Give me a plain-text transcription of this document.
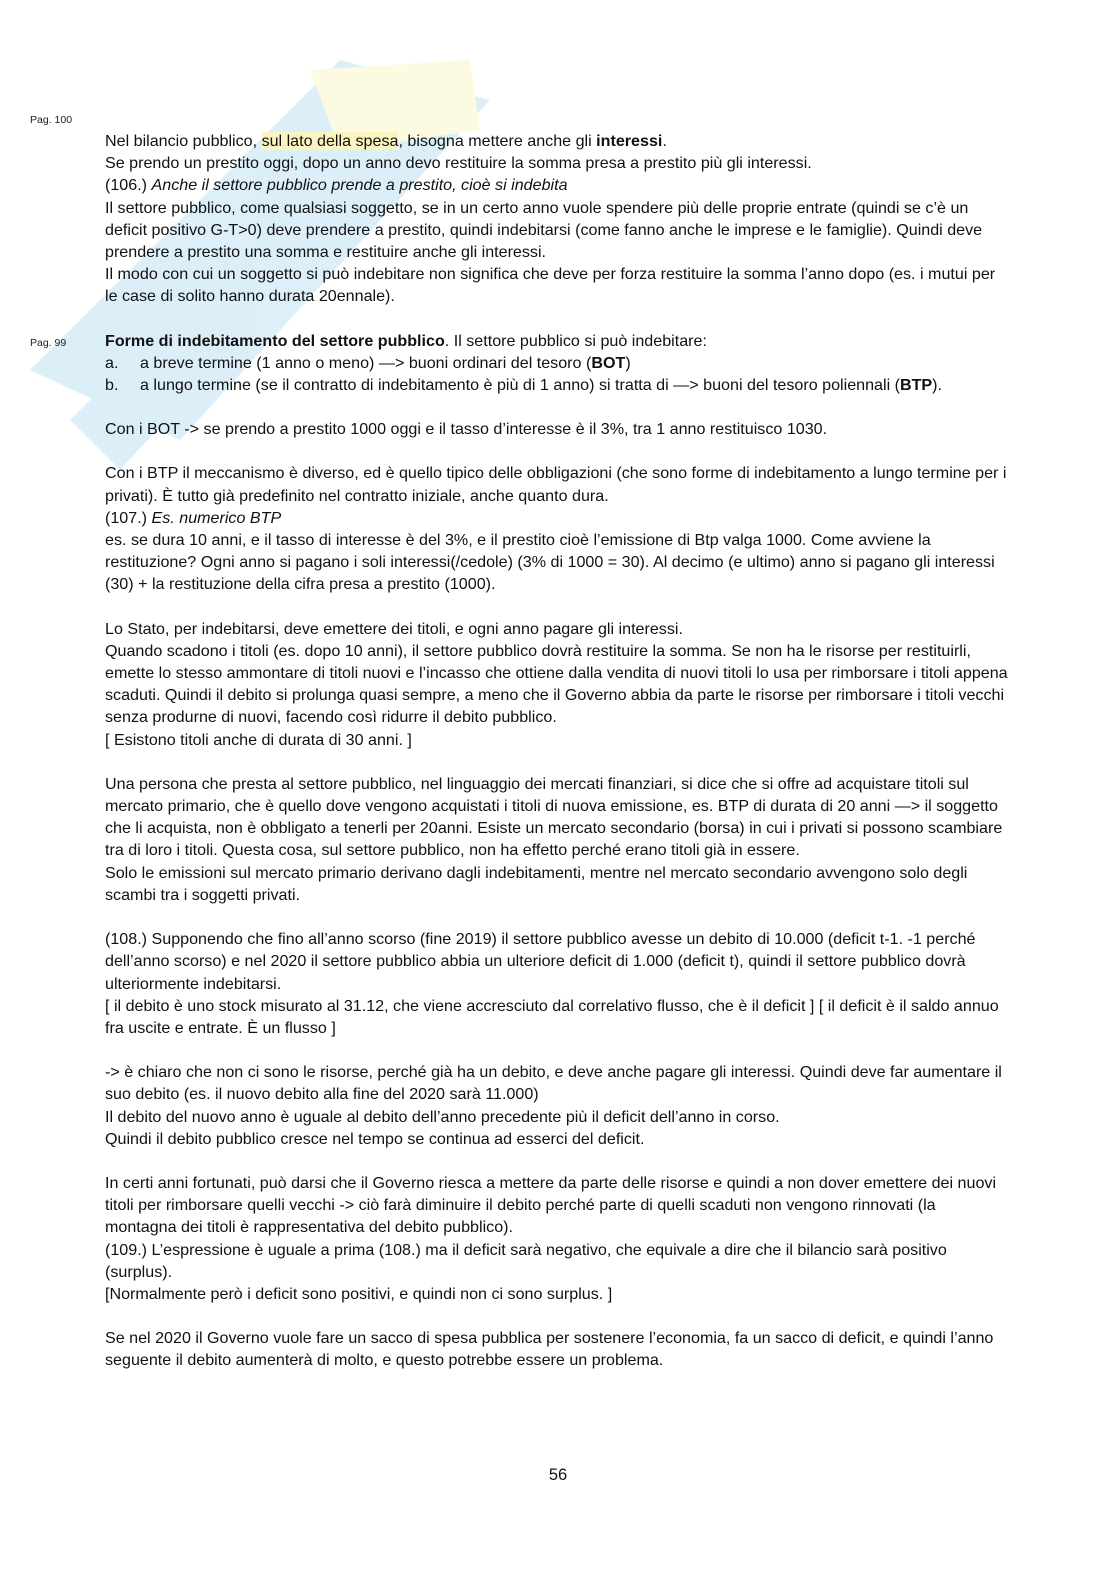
Pag. 100
Pag. 99

Nel bilancio pubblico, sul lato della spesa, bisogna mettere anche gli interessi.

Se prendo un prestito oggi, dopo un anno devo restituire la somma presa a prestito più gli interessi.

(106.) Anche il settore pubblico prende a prestito, cioè si indebita

Il settore pubblico, come qualsiasi soggetto, se in un certo anno vuole spendere più delle proprie entrate (quindi se c’è un deficit positivo G-T>0) deve prendere a prestito, quindi indebitarsi (come fanno anche le imprese e le famiglie). Quindi deve prendere a prestito una somma e restituire anche gli interessi.

Il modo con cui un soggetto si può indebitare non significa che deve per forza restituire la somma l’anno dopo (es. i mutui per le case di solito hanno durata 20ennale).

Forme di indebitamento del settore pubblico. Il settore pubblico si può indebitare:

a.	a breve termine (1 anno o meno) —> buoni ordinari del tesoro (BOT)
b.	a lungo termine (se il contratto di indebitamento è più di 1 anno) si tratta di —> buoni del tesoro poliennali (BTP).

Con i BOT -> se prendo a prestito 1000 oggi e il tasso d’interesse è il 3%, tra 1 anno restituisco 1030.

Con i BTP il meccanismo è diverso, ed è quello tipico delle obbligazioni (che sono forme di indebitamento a lungo termine per i privati). È tutto già predefinito nel contratto iniziale, anche quanto dura.

(107.) Es. numerico BTP

es. se dura 10 anni, e il tasso di interesse è del 3%, e il prestito cioè l’emissione di Btp valga 1000. Come avviene la restituzione? Ogni anno si pagano i soli interessi(/cedole) (3% di 1000 = 30). Al decimo (e ultimo) anno si pagano gli interessi (30) + la restituzione della cifra presa a prestito (1000).

Lo Stato, per indebitarsi, deve emettere dei titoli, e ogni anno pagare gli interessi.

Quando scadono i titoli (es. dopo 10 anni), il settore pubblico dovrà restituire la somma. Se non ha le risorse per restituirli, emette lo stesso ammontare di titoli nuovi e l’incasso che ottiene dalla vendita di nuovi titoli lo usa per rimborsare i titoli appena scaduti. Quindi il debito si prolunga quasi sempre, a meno che il Governo abbia da parte le risorse per rimborsare i titoli vecchi senza produrne di nuovi, facendo così ridurre il debito pubblico.

[ Esistono titoli anche di durata di 30 anni. ]

Una persona che presta al settore pubblico, nel linguaggio dei mercati finanziari, si dice che si offre ad acquistare titoli sul mercato primario, che è quello dove vengono acquistati i titoli di nuova emissione, es. BTP di durata di 20 anni —> il soggetto che li acquista, non è obbligato a tenerli per 20anni. Esiste un mercato secondario (borsa) in cui i privati si possono scambiare tra di loro i titoli. Questa cosa, sul settore pubblico, non ha effetto perché erano titoli già in essere.

Solo le emissioni sul mercato primario derivano dagli indebitamenti, mentre nel mercato secondario avvengono solo degli scambi tra i soggetti privati.

(108.) Supponendo che fino all’anno scorso (fine 2019) il settore pubblico avesse un debito di 10.000 (deficit t-1. -1 perché dell’anno scorso) e nel 2020 il settore pubblico abbia un ulteriore deficit di 1.000 (deficit t), quindi il settore pubblico dovrà ulteriormente indebitarsi.

[ il debito è uno stock misurato al 31.12, che viene accresciuto dal correlativo flusso, che è il deficit ] [ il deficit è il saldo annuo fra uscite e entrate. È un flusso ]

-> è chiaro che non ci sono le risorse, perché già ha un debito, e deve anche pagare gli interessi. Quindi deve far aumentare il suo debito (es. il nuovo debito alla fine del 2020 sarà 11.000)

Il debito del nuovo anno è uguale al debito dell’anno precedente più il deficit dell’anno in corso.

Quindi il debito pubblico cresce nel tempo se continua ad esserci del deficit.

In certi anni fortunati, può darsi che il Governo riesca a mettere da parte delle risorse e quindi a non dover emettere dei nuovi titoli per rimborsare quelli vecchi -> ciò farà diminuire il debito perché parte di quelli scaduti non vengono rinnovati (la montagna dei titoli è rappresentativa del debito pubblico).

(109.) L’espressione è uguale a prima (108.) ma il deficit sarà negativo, che equivale a dire che il bilancio sarà positivo (surplus).

[Normalmente però i deficit sono positivi, e quindi non ci sono surplus. ]

Se nel 2020 il Governo vuole fare un sacco di spesa pubblica per sostenere l’economia, fa un sacco di deficit, e quindi l’anno seguente il debito aumenterà di molto, e questo potrebbe essere un problema.

56
